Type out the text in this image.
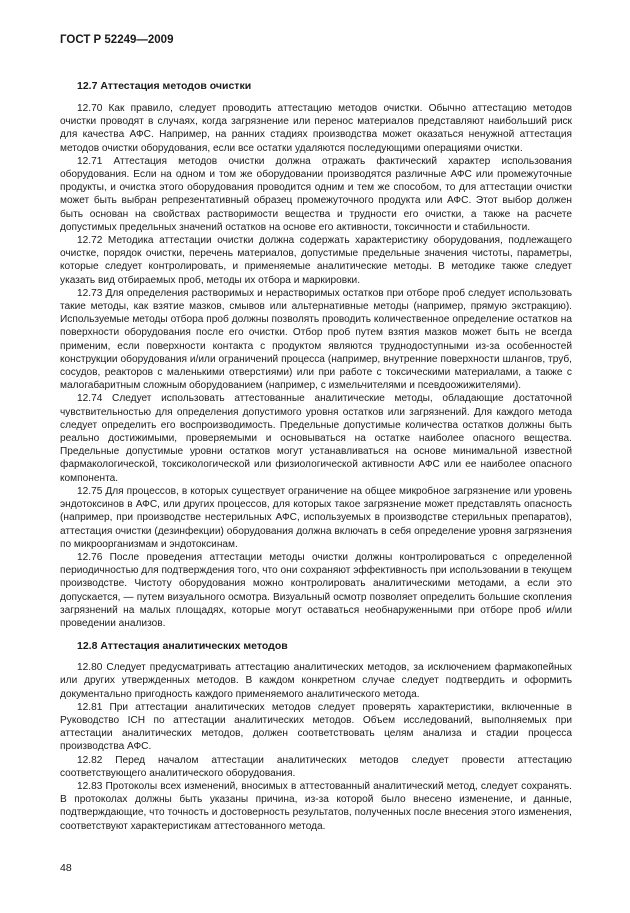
ГОСТ Р 52249—2009
12.7 Аттестация методов очистки

12.70 Как правило, следует проводить аттестацию методов очистки. Обычно аттестацию методов очистки проводят в случаях, когда загрязнение или перенос материалов представляют наибольший риск для качества АФС. Например, на ранних стадиях производства может оказаться ненужной аттестация методов очистки оборудования, если все остатки удаляются последующими операциями очистки.

12.71 Аттестация методов очистки должна отражать фактический характер использования оборудования. Если на одном и том же оборудовании производятся различные АФС или промежуточные продукты, и очистка этого оборудования проводится одним и тем же способом, то для аттестации очистки может быть выбран репрезентативный образец промежуточного продукта или АФС. Этот выбор должен быть основан на свойствах растворимости вещества и трудности его очистки, а также на расчете допустимых предельных значений остатков на основе его активности, токсичности и стабильности.

12.72 Методика аттестации очистки должна содержать характеристику оборудования, подлежащего очистке, порядок очистки, перечень материалов, допустимые предельные значения чистоты, параметры, которые следует контролировать, и применяемые аналитические методы. В методике также следует указать вид отбираемых проб, методы их отбора и маркировки.

12.73 Для определения растворимых и нерастворимых остатков при отборе проб следует использовать такие методы, как взятие мазков, смывов или альтернативные методы (например, прямую экстракцию). Используемые методы отбора проб должны позволять проводить количественное определение остатков на поверхности оборудования после его очистки. Отбор проб путем взятия мазков может быть не всегда применим, если поверхности контакта с продуктом являются труднодоступными из-за особенностей конструкции оборудования и/или ограничений процесса (например, внутренние поверхности шлангов, труб, сосудов, реакторов с маленькими отверстиями) или при работе с токсическими материалами, а также с малогабаритным сложным оборудованием (например, с измельчителями и псевдоожижителями).

12.74 Следует использовать аттестованные аналитические методы, обладающие достаточной чувствительностью для определения допустимого уровня остатков или загрязнений. Для каждого метода следует определить его воспроизводимость. Предельные допустимые количества остатков должны быть реально достижимыми, проверяемыми и основываться на остатке наиболее опасного вещества. Предельные допустимые уровни остатков могут устанавливаться на основе минимальной известной фармакологической, токсикологической или физиологической активности АФС или ее наиболее опасного компонента.

12.75 Для процессов, в которых существует ограничение на общее микробное загрязнение или уровень эндотоксинов в АФС, или других процессов, для которых такое загрязнение может представлять опасность (например, при производстве нестерильных АФС, используемых в производстве стерильных препаратов), аттестация очистки (дезинфекции) оборудования должна включать в себя определение уровня загрязнения по микроорганизмам и эндотоксинам.

12.76 После проведения аттестации методы очистки должны контролироваться с определенной периодичностью для подтверждения того, что они сохраняют эффективность при использовании в текущем производстве. Чистоту оборудования можно контролировать аналитическими методами, а если это допускается, — путем визуального осмотра. Визуальный осмотр позволяет определить большие скопления загрязнений на малых площадях, которые могут оставаться необнаруженными при отборе проб и/или проведении анализов.

12.8 Аттестация аналитических методов

12.80 Следует предусматривать аттестацию аналитических методов, за исключением фармакопейных или других утвержденных методов. В каждом конкретном случае следует подтвердить и оформить документально пригодность каждого применяемого аналитического метода.

12.81 При аттестации аналитических методов следует проверять характеристики, включенные в Руководство ICH по аттестации аналитических методов. Объем исследований, выполняемых при аттестации аналитических методов, должен соответствовать целям анализа и стадии процесса производства АФС.

12.82 Перед началом аттестации аналитических методов следует провести аттестацию соответствующего аналитического оборудования.

12.83 Протоколы всех изменений, вносимых в аттестованный аналитический метод, следует сохранять. В протоколах должны быть указаны причина, из-за которой было внесено изменение, и данные, подтверждающие, что точность и достоверность результатов, полученных после внесения этого изменения, соответствуют характеристикам аттестованного метода.

48
